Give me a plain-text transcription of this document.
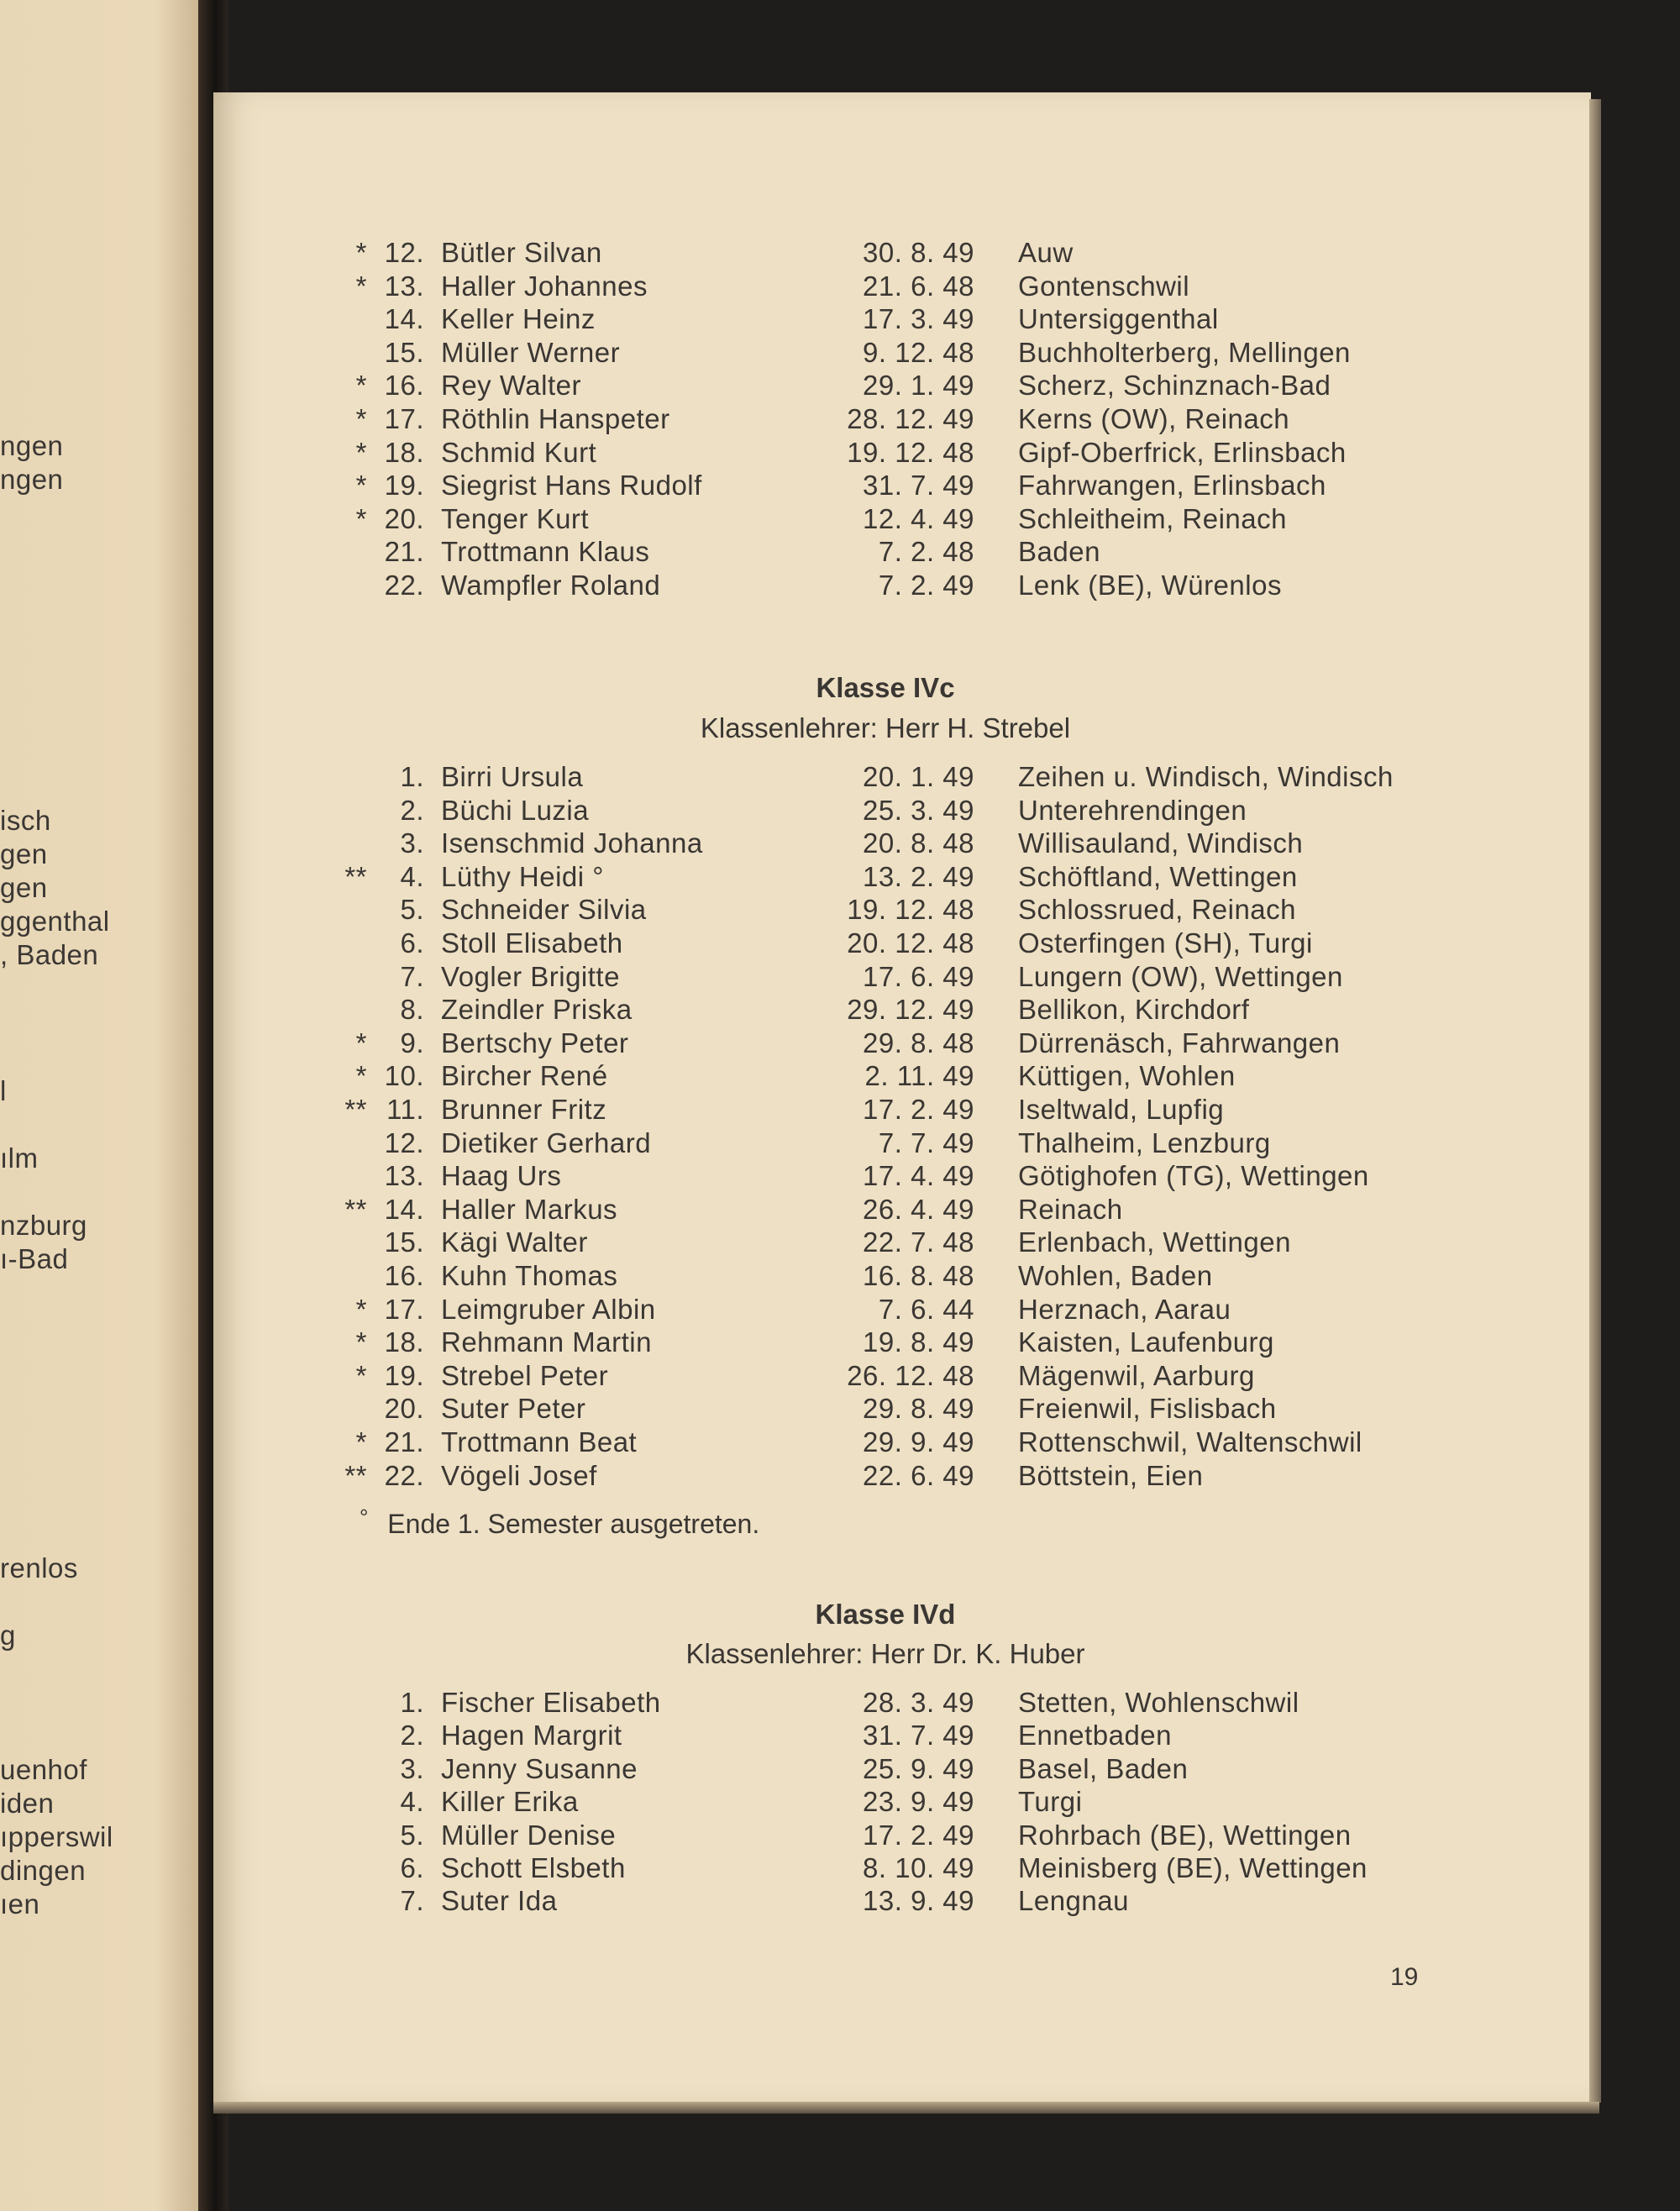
ngen
ngen
isch
gen
gen
ggenthal
, Baden
l
ılm
nzburg
ı-Bad
renlos
g
uenhof
iden
ıpperswil
dingen
ıen
* 12. Bütler Silvan	30. 8. 49 Auw
* 13. Haller Johannes	21. 6. 48 Gontenschwil
14. Keller Heinz	17. 3. 49 Untersiggenthal
15. Müller Werner	9. 12. 48 Buchholterberg, Mellingen
* 16. Rey Walter	29. 1. 49 Scherz, Schinznach-Bad
* 17. Röthlin Hanspeter	28. 12. 49 Kerns (OW), Reinach
* 18. Schmid Kurt	19. 12. 48 Gipf-Oberfrick, Erlinsbach
* 19. Siegrist Hans Rudolf	31. 7. 49 Fahrwangen, Erlinsbach
* 20. Tenger Kurt	12. 4. 49 Schleitheim, Reinach
21. Trottmann Klaus	7. 2. 48 Baden
22. Wampfler Roland	7. 2. 49 Lenk (BE), Würenlos
Klasse IVc
Klassenlehrer: Herr H. Strebel
1. Birri Ursula	20. 1. 49 Zeihen u. Windisch, Windisch
2. Büchi Luzia	25. 3. 49 Unterehrendingen
3. Isenschmid Johanna	20. 8. 48 Willisauland, Windisch
**	4. Lüthy Heidi °	13. 2. 49 Schöftland, Wettingen
5. Schneider Silvia	19. 12. 48 Schlossrued, Reinach
6. Stoll Elisabeth	20. 12. 48 Osterfingen (SH), Turgi
7. Vogler Brigitte	17. 6. 49 Lungern (OW), Wettingen
8. Zeindler Priska	29. 12. 49 Bellikon, Kirchdorf
*	9. Bertschy Peter	29. 8. 48 Dürrenäsch, Fahrwangen
* 10. Bircher René	2. 11. 49 Küttigen, Wohlen
** 11. Brunner Fritz	17. 2. 49 Iseltwald, Lupfig
12. Dietiker Gerhard	7. 7. 49 Thalheim, Lenzburg
13. Haag Urs	17. 4. 49 Götighofen (TG), Wettingen
** 14. Haller Markus	26. 4. 49 Reinach
15. Kägi Walter	22. 7. 48 Erlenbach, Wettingen
16. Kuhn Thomas	16. 8. 48 Wohlen, Baden
* 17. Leimgruber Albin	7. 6. 44 Herznach, Aarau
* 18. Rehmann Martin	19. 8. 49 Kaisten, Laufenburg
* 19. Strebel Peter	26. 12. 48 Mägenwil, Aarburg
20. Suter Peter	29. 8. 49 Freienwil, Fislisbach
* 21. Trottmann Beat	29. 9. 49 Rottenschwil, Waltenschwil
** 22. Vögeli Josef	22. 6. 49 Böttstein, Eien
° Ende 1. Semester ausgetreten.
Klasse IVd
Klassenlehrer: Herr Dr. K. Huber
1. Fischer Elisabeth	28. 3. 49 Stetten, Wohlenschwil
2. Hagen Margrit	31. 7. 49 Ennetbaden
3. Jenny Susanne	25. 9. 49 Basel, Baden
4. Killer Erika	23. 9. 49 Turgi
5. Müller Denise	17. 2. 49 Rohrbach (BE), Wettingen
6. Schott Elsbeth	8. 10. 49 Meinisberg (BE), Wettingen
7. Suter Ida	13. 9. 49 Lengnau
19
